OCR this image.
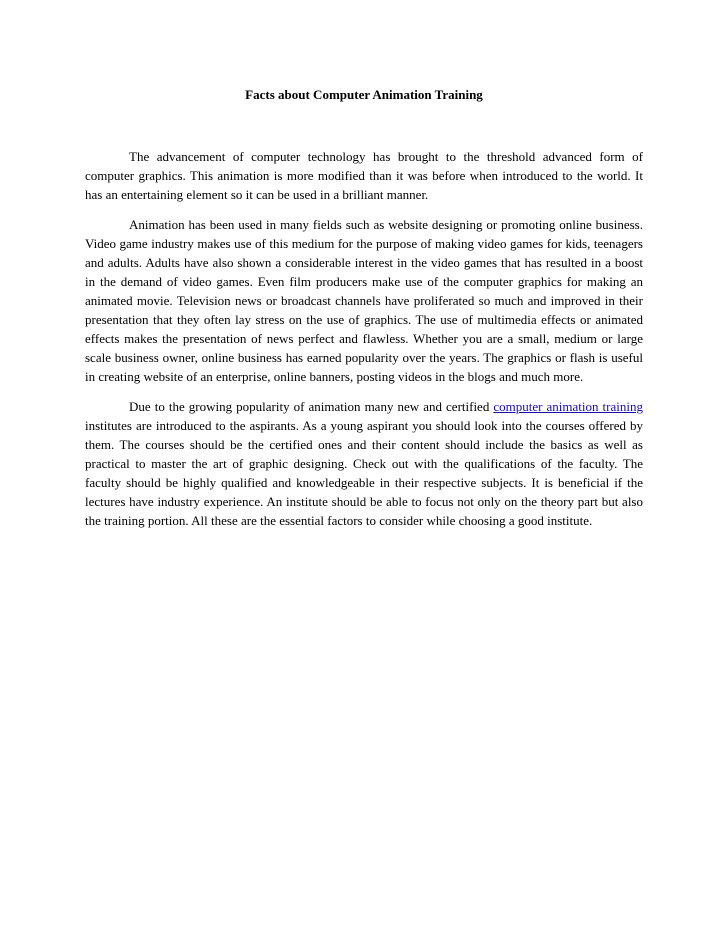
Facts about Computer Animation Training

The advancement of computer technology has brought to the threshold advanced form of computer graphics. This animation is more modified than it was before when introduced to the world. It has an entertaining element so it can be used in a brilliant manner.

Animation has been used in many fields such as website designing or promoting online business. Video game industry makes use of this medium for the purpose of making video games for kids, teenagers and adults. Adults have also shown a considerable interest in the video games that has resulted in a boost in the demand of video games. Even film producers make use of the computer graphics for making an animated movie. Television news or broadcast channels have proliferated so much and improved in their presentation that they often lay stress on the use of graphics. The use of multimedia effects or animated effects makes the presentation of news perfect and flawless. Whether you are a small, medium or large scale business owner, online business has earned popularity over the years. The graphics or flash is useful in creating website of an enterprise, online banners, posting videos in the blogs and much more.

Due to the growing popularity of animation many new and certified computer animation training institutes are introduced to the aspirants. As a young aspirant you should look into the courses offered by them. The courses should be the certified ones and their content should include the basics as well as practical to master the art of graphic designing. Check out with the qualifications of the faculty. The faculty should be highly qualified and knowledgeable in their respective subjects. It is beneficial if the lectures have industry experience. An institute should be able to focus not only on the theory part but also the training portion. All these are the essential factors to consider while choosing a good institute.
